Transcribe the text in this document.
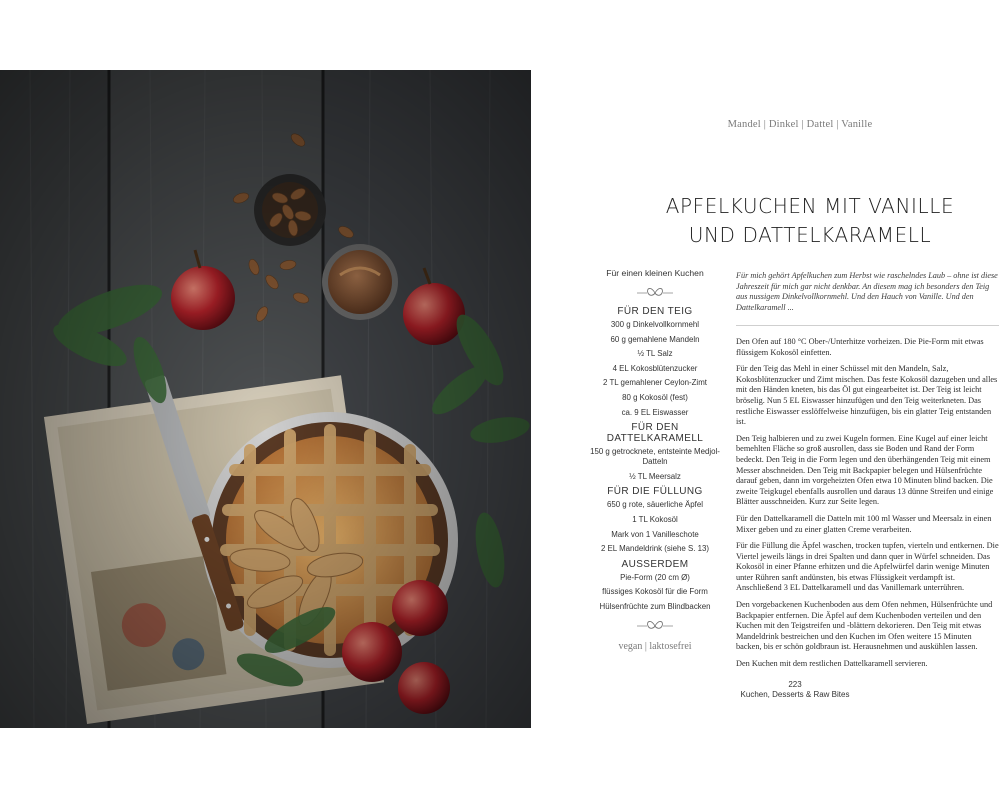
Mandel | Dinkel | Dattel | Vanille
APFELKUCHEN MIT VANILLE
UND DATTELKARAMELL
Für einen kleinen Kuchen
FÜR DEN TEIG
300 g Dinkelvollkornmehl
60 g gemahlene Mandeln
½ TL Salz
4 EL Kokosblütenzucker
2 TL gemahlener Ceylon-Zimt
80 g Kokosöl (fest)
ca. 9 EL Eiswasser
FÜR DEN DATTELKARAMELL
150 g getrocknete, entsteinte Medjol-Datteln
½ TL Meersalz
FÜR DIE FÜLLUNG
650 g rote, säuerliche Äpfel
1 TL Kokosöl
Mark von 1 Vanilleschote
2 EL Mandeldrink (siehe S. 13)
AUSSERDEM
Pie-Form (20 cm Ø)
flüssiges Kokosöl für die Form
Hülsenfrüchte zum Blindbacken
vegan | laktosefrei
Für mich gehört Apfelkuchen zum Herbst wie raschelndes Laub – ohne ist diese Jahreszeit für mich gar nicht denkbar. An diesem mag ich besonders den Teig aus nussigem Dinkelvollkornmehl. Und den Hauch von Vanille. Und den Dattelkaramell ...

Den Ofen auf 180 °C Ober-/Unterhitze vorheizen. Die Pie-Form mit etwas flüssigem Kokosöl einfetten.

Für den Teig das Mehl in einer Schüssel mit den Mandeln, Salz, Kokosblütenzucker und Zimt mischen. Das feste Kokosöl dazugeben und alles mit den Händen kneten, bis das Öl gut eingearbeitet ist. Der Teig ist leicht bröselig. Nun 5 EL Eiswasser hinzufügen und den Teig weiterkneten. Das restliche Eiswasser esslöffelweise hinzufügen, bis ein glatter Teig entstanden ist.

Den Teig halbieren und zu zwei Kugeln formen. Eine Kugel auf einer leicht bemehlten Fläche so groß ausrollen, dass sie Boden und Rand der Form bedeckt. Den Teig in die Form legen und den überhängenden Teig mit einem Messer abschneiden. Den Teig mit Backpapier belegen und Hülsenfrüchte darauf geben, dann im vorgeheizten Ofen etwa 10 Minuten blind backen. Die zweite Teigkugel ebenfalls ausrollen und daraus 13 dünne Streifen und einige Blätter ausschneiden. Kurz zur Seite legen.

Für den Dattelkaramell die Datteln mit 100 ml Wasser und Meersalz in einen Mixer geben und zu einer glatten Creme verarbeiten.

Für die Füllung die Äpfel waschen, trocken tupfen, vierteln und entkernen. Die Viertel jeweils längs in drei Spalten und dann quer in Würfel schneiden. Das Kokosöl in einer Pfanne erhitzen und die Apfelwürfel darin wenige Minuten unter Rühren sanft andünsten, bis etwas Flüssigkeit verdampft ist. Anschließend 3 EL Dattelkaramell und das Vanillemark unterrühren.

Den vorgebackenen Kuchenboden aus dem Ofen nehmen, Hülsenfrüchte und Backpapier entfernen. Die Äpfel auf dem Kuchenboden verteilen und den Kuchen mit den Teigstreifen und -blättern dekorieren. Den Teig mit etwas Mandeldrink bestreichen und den Kuchen im Ofen weitere 15 Minuten backen, bis er schön goldbraun ist. Herausnehmen und auskühlen lassen.

Den Kuchen mit dem restlichen Dattelkaramell servieren.

223
Kuchen, Desserts & Raw Bites
